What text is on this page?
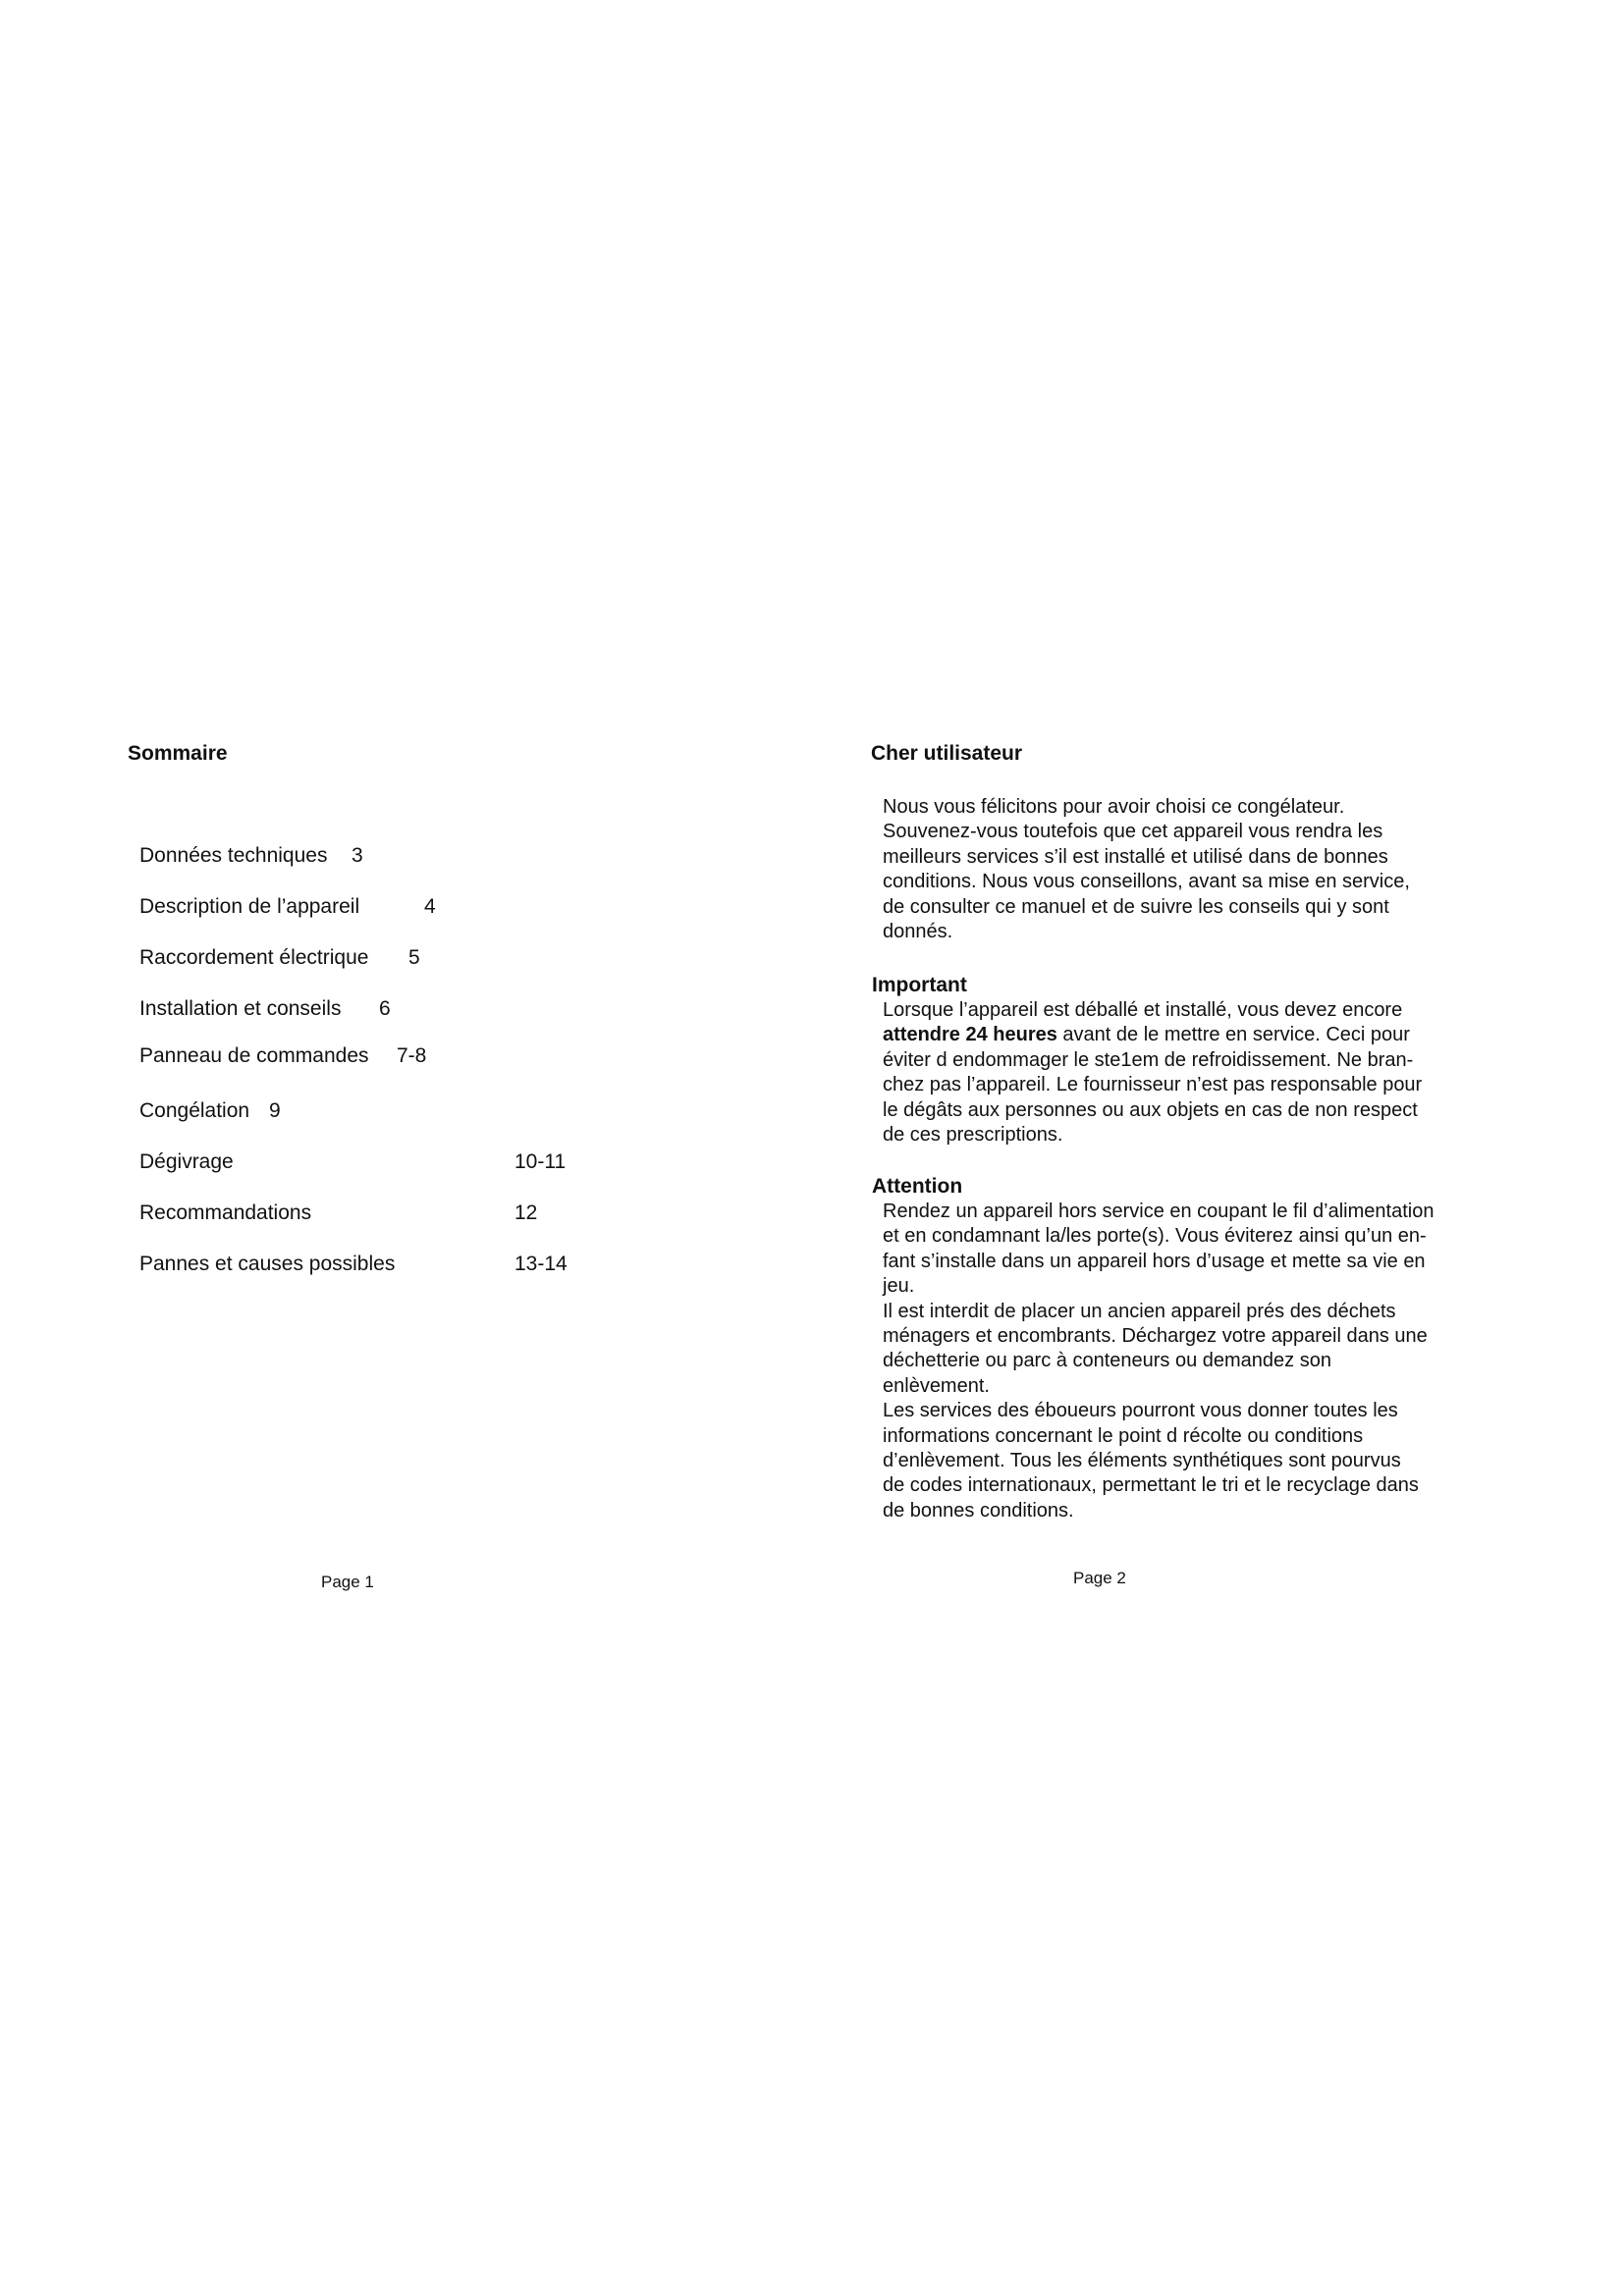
Sommaire
Données techniques 3
Description de l’appareil	4
Raccordement électrique 5
Installation et conseils 6
Panneau de commandes 7-8
Congélation 9
Dégivrage	10-11
Recommandations	12
Pannes et causes possibles	13-14

Page 1

Cher utilisateur
Nous vous félicitons pour avoir choisi ce congélateur.
Souvenez-vous toutefois que cet appareil vous rendra les
meilleurs services s’il est installé et utilisé dans de bonnes
conditions. Nous vous conseillons, avant sa mise en service,
de consulter ce manuel et de suivre les conseils qui y sont
donnés.
Important
Lorsque l’appareil est déballé et installé, vous devez encore
attendre 24 heures avant de le mettre en service. Ceci pour
éviter d endommager le ste1em de refroidissement. Ne bran-
chez pas l’appareil. Le fournisseur n’est pas responsable pour
le dégâts aux personnes ou aux objets en cas de non respect
de ces prescriptions.
Attention
Rendez un appareil hors service en coupant le fil d’alimentation
et en condamnant la/les porte(s). Vous éviterez ainsi qu’un en-
fant s’installe dans un appareil hors d’usage et mette sa vie en
jeu.
Il est interdit de placer un ancien appareil prés des déchets
ménagers et encombrants. Déchargez votre appareil dans une
déchetterie ou parc à conteneurs ou demandez son
enlèvement.
Les services des éboueurs pourront vous donner toutes les
informations concernant le point d récolte ou conditions
d’enlèvement. Tous les éléments synthétiques sont pourvus
de codes internationaux, permettant le tri et le recyclage dans
de bonnes conditions.

Page 2
